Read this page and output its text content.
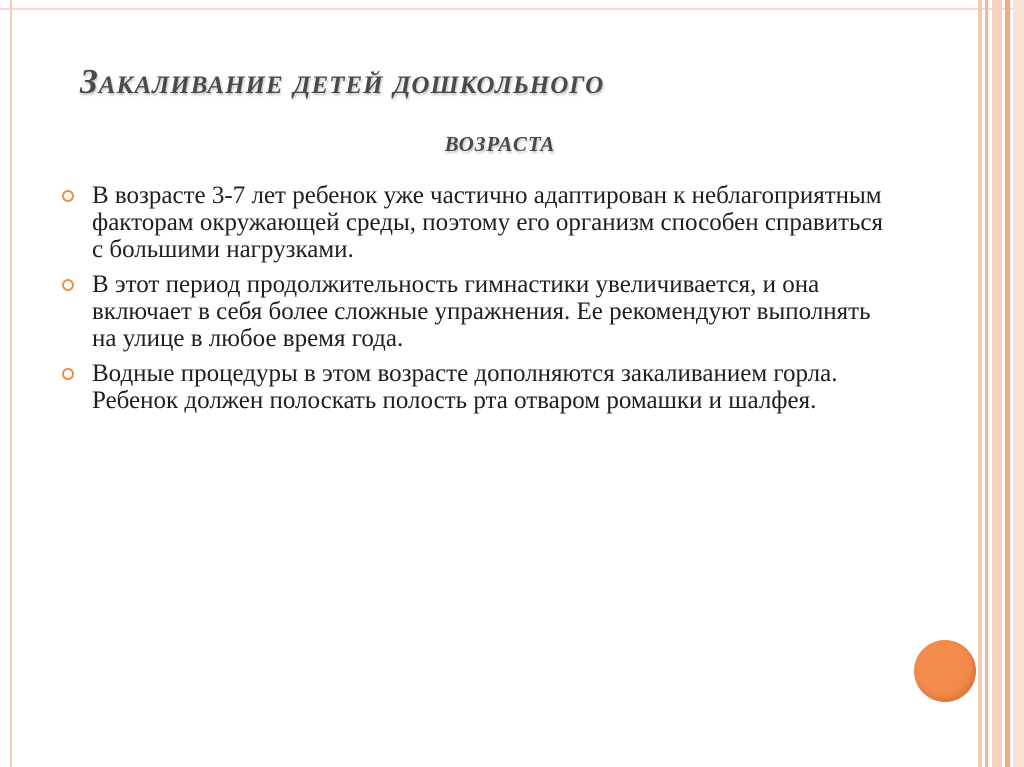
Закаливание детей дошкольного
возраста
В возрасте 3-7 лет ребенок уже частично адаптирован к неблагоприятным факторам окружающей среды, поэтому его организм способен справиться с большими нагрузками.
В этот период продолжительность гимнастики увеличивается, и она включает в себя более сложные упражнения. Ее рекомендуют выполнять на улице в любое время года.
Водные процедуры в этом возрасте дополняются закаливанием горла. Ребенок должен полоскать полость рта отваром ромашки и шалфея.
